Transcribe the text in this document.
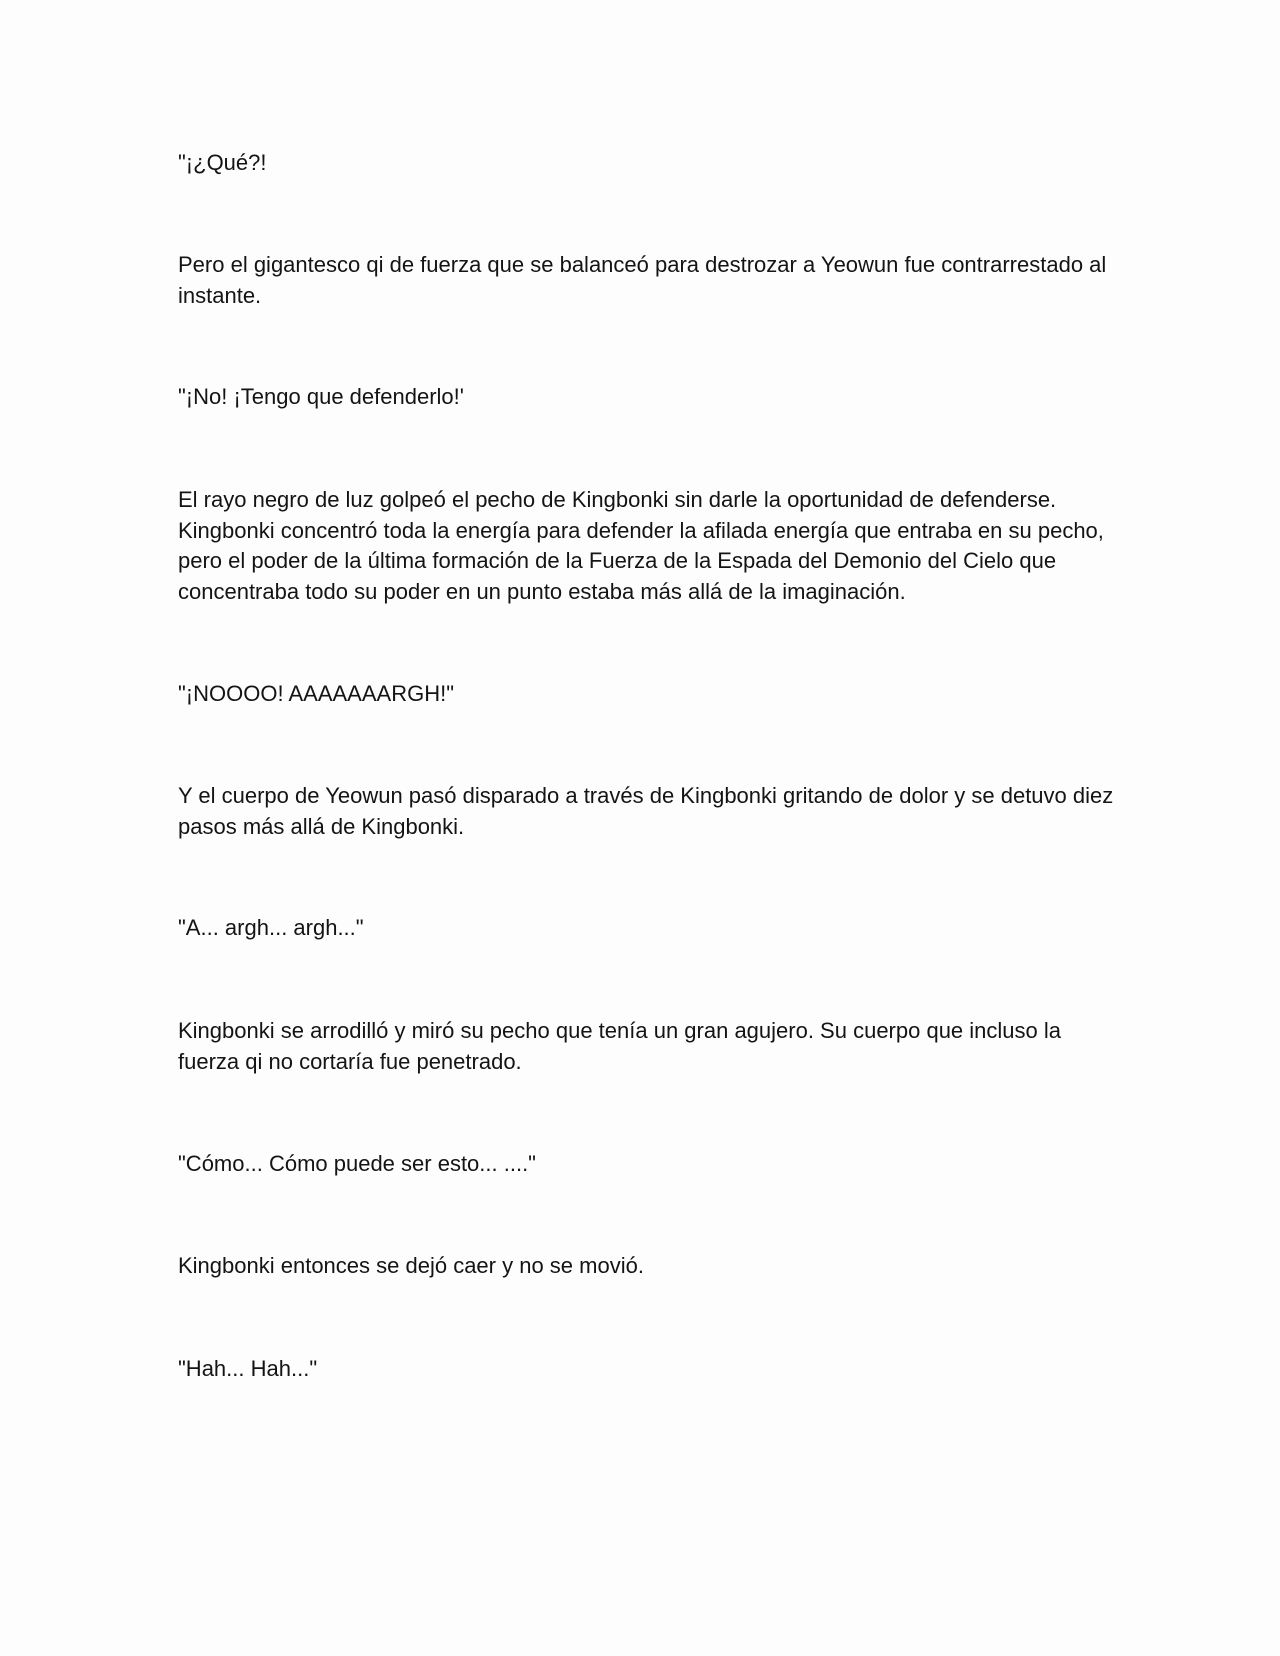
"¡¿Qué?!

Pero el gigantesco qi de fuerza que se balanceó para destrozar a Yeowun fue contrarrestado al instante.

"¡No! ¡Tengo que defenderlo!'

El rayo negro de luz golpeó el pecho de Kingbonki sin darle la oportunidad de defenderse. Kingbonki concentró toda la energía para defender la afilada energía que entraba en su pecho, pero el poder de la última formación de la Fuerza de la Espada del Demonio del Cielo que concentraba todo su poder en un punto estaba más allá de la imaginación.

"¡NOOOO! AAAAAAARGH!"

Y el cuerpo de Yeowun pasó disparado a través de Kingbonki gritando de dolor y se detuvo diez pasos más allá de Kingbonki.

"A... argh... argh..."

Kingbonki se arrodilló y miró su pecho que tenía un gran agujero. Su cuerpo que incluso la fuerza qi no cortaría fue penetrado.

"Cómo... Cómo puede ser esto... ...."

Kingbonki entonces se dejó caer y no se movió.

"Hah... Hah..."
